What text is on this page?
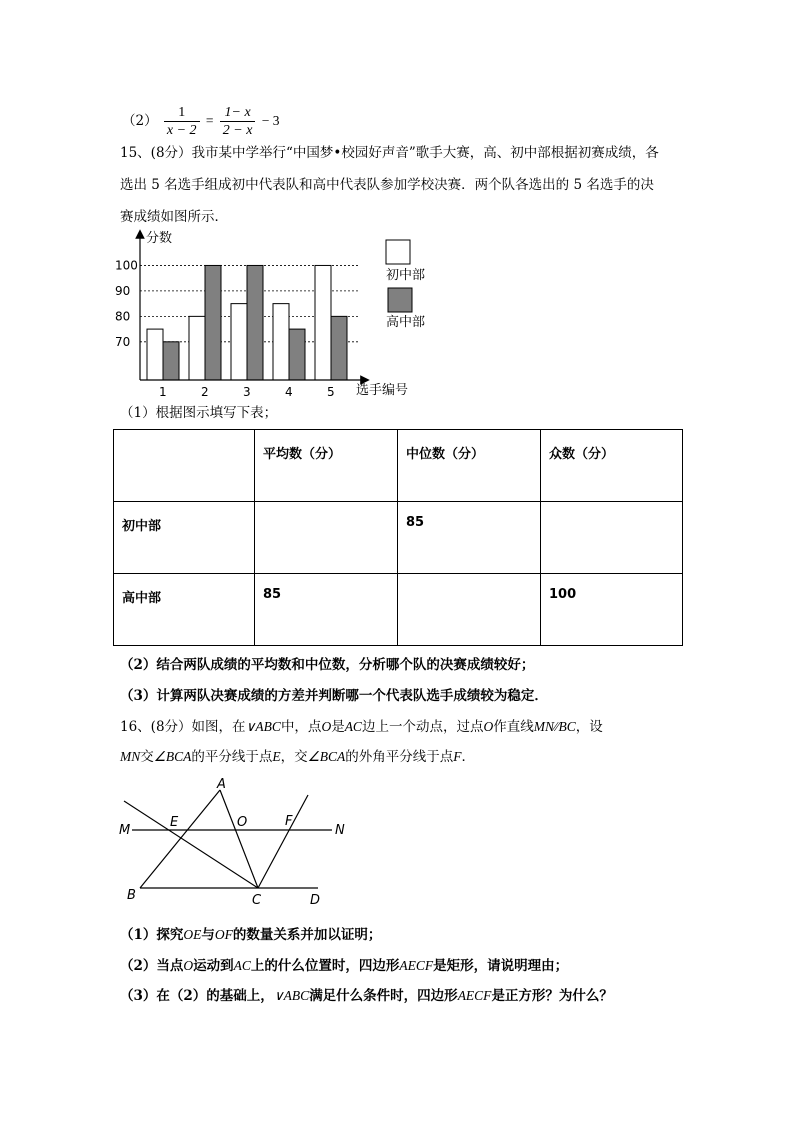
$(2) \frac{1}{x - 2} = \frac{1- x}{2 - x} - 3$
15、(8分）我市某中学举行“中国梦•校园好声音”歌手大赛，高、初中部根据初赛成绩，各
选出 5 名选手组成初中代表队和高中代表队参加学校决赛．两个队各选出的 5 名选手的决
赛成绩如图所示．
分数
选手编号
70
80
90
100
1	2	3	4	5
初中部
高中部
（1）根据图示填写下表；
	平均数（分）	中位数（分）	众数（分）
初中部		85	
高中部	85		100
（2）结合两队成绩的平均数和中位数，分析哪个队的决赛成绩较好；
（3）计算两队决赛成绩的方差并判断哪一个代表队选手成绩较为稳定．
16、(8分）如图，在∨ABC中，点O是AC边上一个动点，过点O作直线MN∕∕BC，设
MN交∠BCA的平分线于点E，交∠BCA的外角平分线于点F．
A
M
E	O	F
N
B	C	D
（1）探究OE与OF的数量关系并加以证明；
（2）当点O运动到AC上的什么位置时，四边形AECF是矩形，请说明理由；
（3）在（2）的基础上，∨ABC满足什么条件时，四边形AECF是正方形？为什么？
